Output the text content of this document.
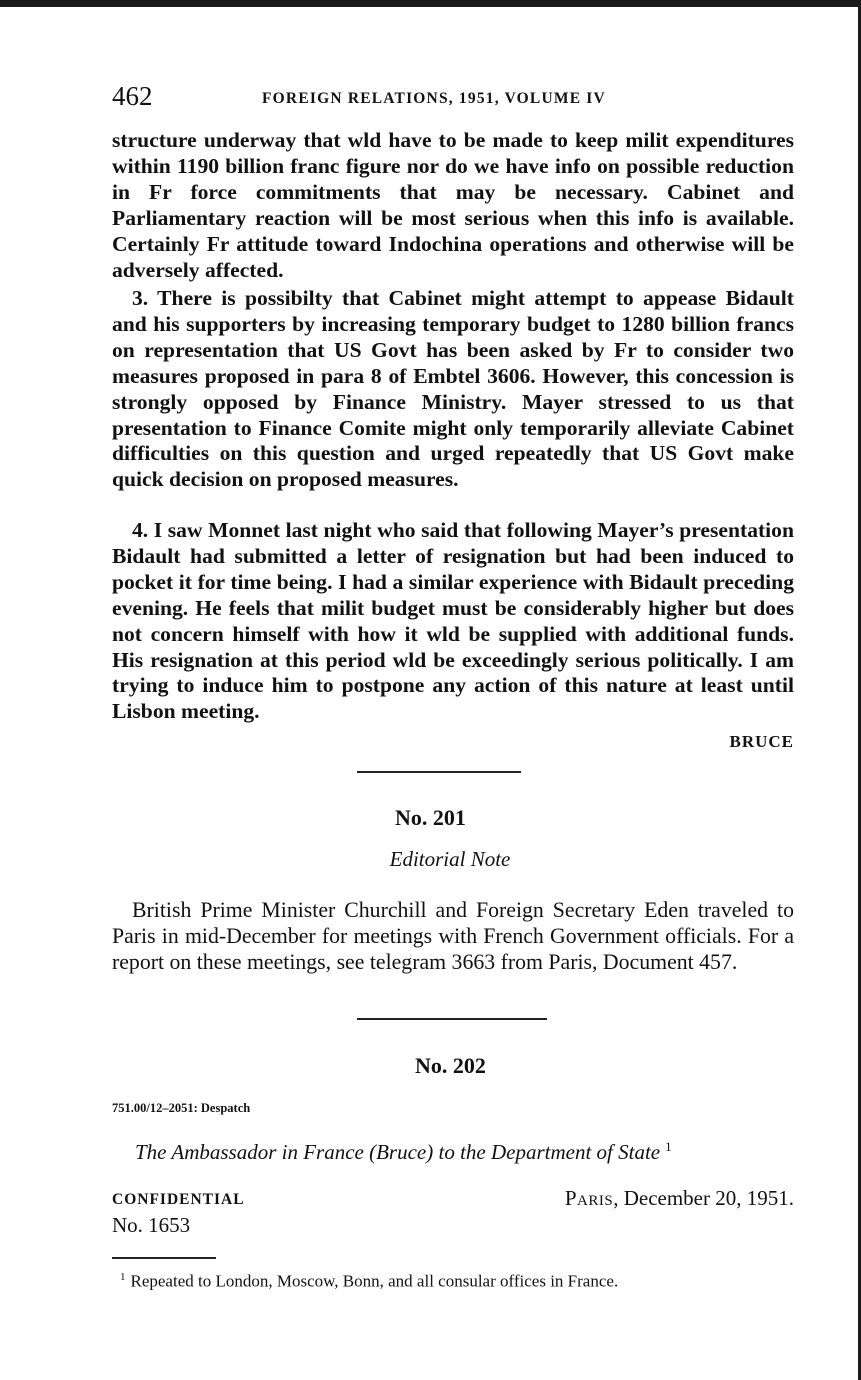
462	FOREIGN RELATIONS, 1951, VOLUME IV

structure underway that wld have to be made to keep milit expenditures within 1190 billion franc figure nor do we have info on possible reduction in Fr force commitments that may be necessary. Cabinet and Parliamentary reaction will be most serious when this info is available. Certainly Fr attitude toward Indochina operations and otherwise will be adversely affected.

3. There is possibilty that Cabinet might attempt to appease Bidault and his supporters by increasing temporary budget to 1280 billion francs on representation that US Govt has been asked by Fr to consider two measures proposed in para 8 of Embtel 3606. However, this concession is strongly opposed by Finance Ministry. Mayer stressed to us that presentation to Finance Comite might only temporarily alleviate Cabinet difficulties on this question and urged repeatedly that US Govt make quick decision on proposed measures.

4. I saw Monnet last night who said that following Mayer’s presentation Bidault had submitted a letter of resignation but had been induced to pocket it for time being. I had a similar experience with Bidault preceding evening. He feels that milit budget must be considerably higher but does not concern himself with how it wld be supplied with additional funds. His resignation at this period wld be exceedingly serious politically. I am trying to induce him to postpone any action of this nature at least until Lisbon meeting.

BRUCE
No. 201
Editorial Note

British Prime Minister Churchill and Foreign Secretary Eden traveled to Paris in mid-December for meetings with French Government officials. For a report on these meetings, see telegram 3663 from Paris, Document 457.

No. 202
751.00/12–2051: Despatch
The Ambassador in France (Bruce) to the Department of State $^1$
CONFIDENTIAL	Paris, December 20, 1951.
No. 1653
$^1$ Repeated to London, Moscow, Bonn, and all consular offices in France.
